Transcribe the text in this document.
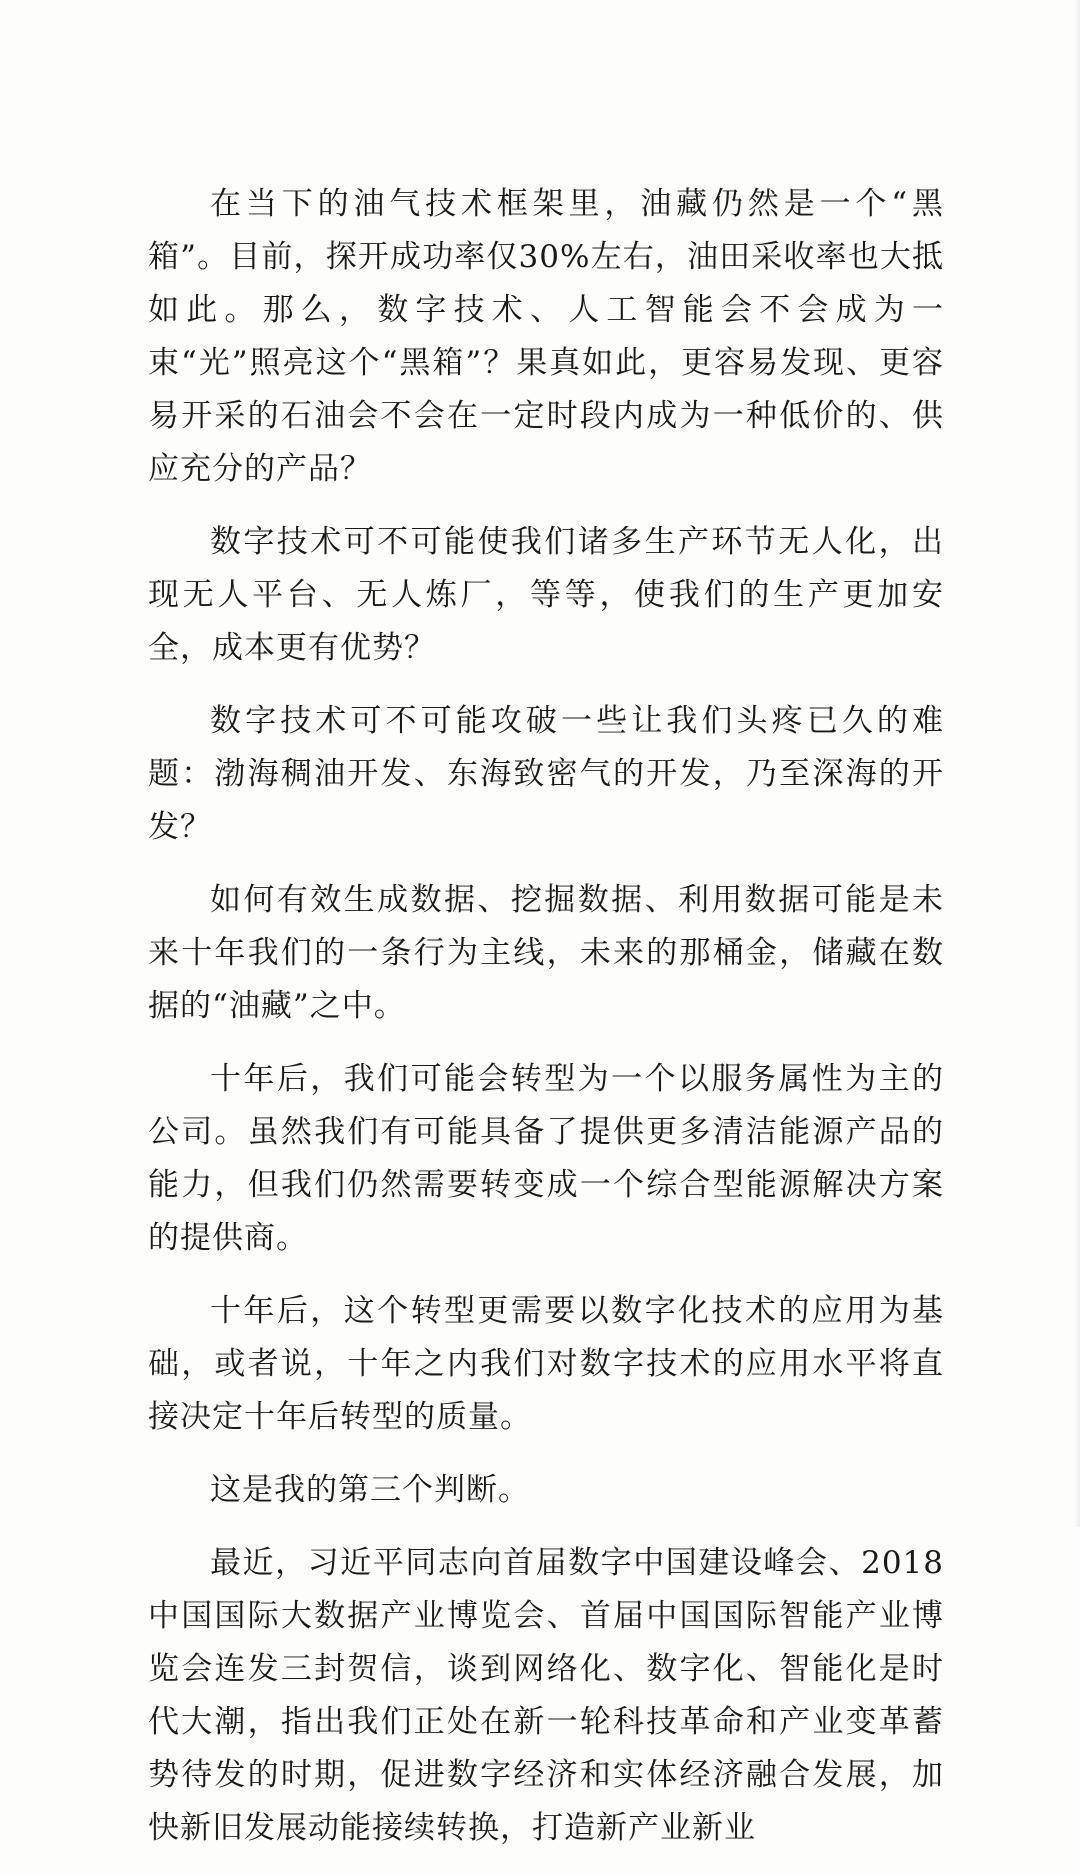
在当下的油气技术框架里，油藏仍然是一个“黑箱”。目前，探开成功率仅30%左右，油田采收率也大抵如此。那么，数字技术、人工智能会不会成为一束“光”照亮这个“黑箱”？果真如此，更容易发现、更容易开采的石油会不会在一定时段内成为一种低价的、供应充分的产品？

数字技术可不可能使我们诸多生产环节无人化，出现无人平台、无人炼厂，等等，使我们的生产更加安全，成本更有优势？

数字技术可不可能攻破一些让我们头疼已久的难题：渤海稠油开发、东海致密气的开发，乃至深海的开发？

如何有效生成数据、挖掘数据、利用数据可能是未来十年我们的一条行为主线，未来的那桶金，储藏在数据的“油藏”之中。

十年后，我们可能会转型为一个以服务属性为主的公司。虽然我们有可能具备了提供更多清洁能源产品的能力，但我们仍然需要转变成一个综合型能源解决方案的提供商。

十年后，这个转型更需要以数字化技术的应用为基础，或者说，十年之内我们对数字技术的应用水平将直接决定十年后转型的质量。

这是我的第三个判断。

最近，习近平同志向首届数字中国建设峰会、2018 中国国际大数据产业博览会、首届中国国际智能产业博览会连发三封贺信，谈到网络化、数字化、智能化是时代大潮，指出我们正处在新一轮科技革命和产业变革蓄势待发的时期，促进数字经济和实体经济融合发展，加快新旧发展动能接续转换，打造新产业新业
